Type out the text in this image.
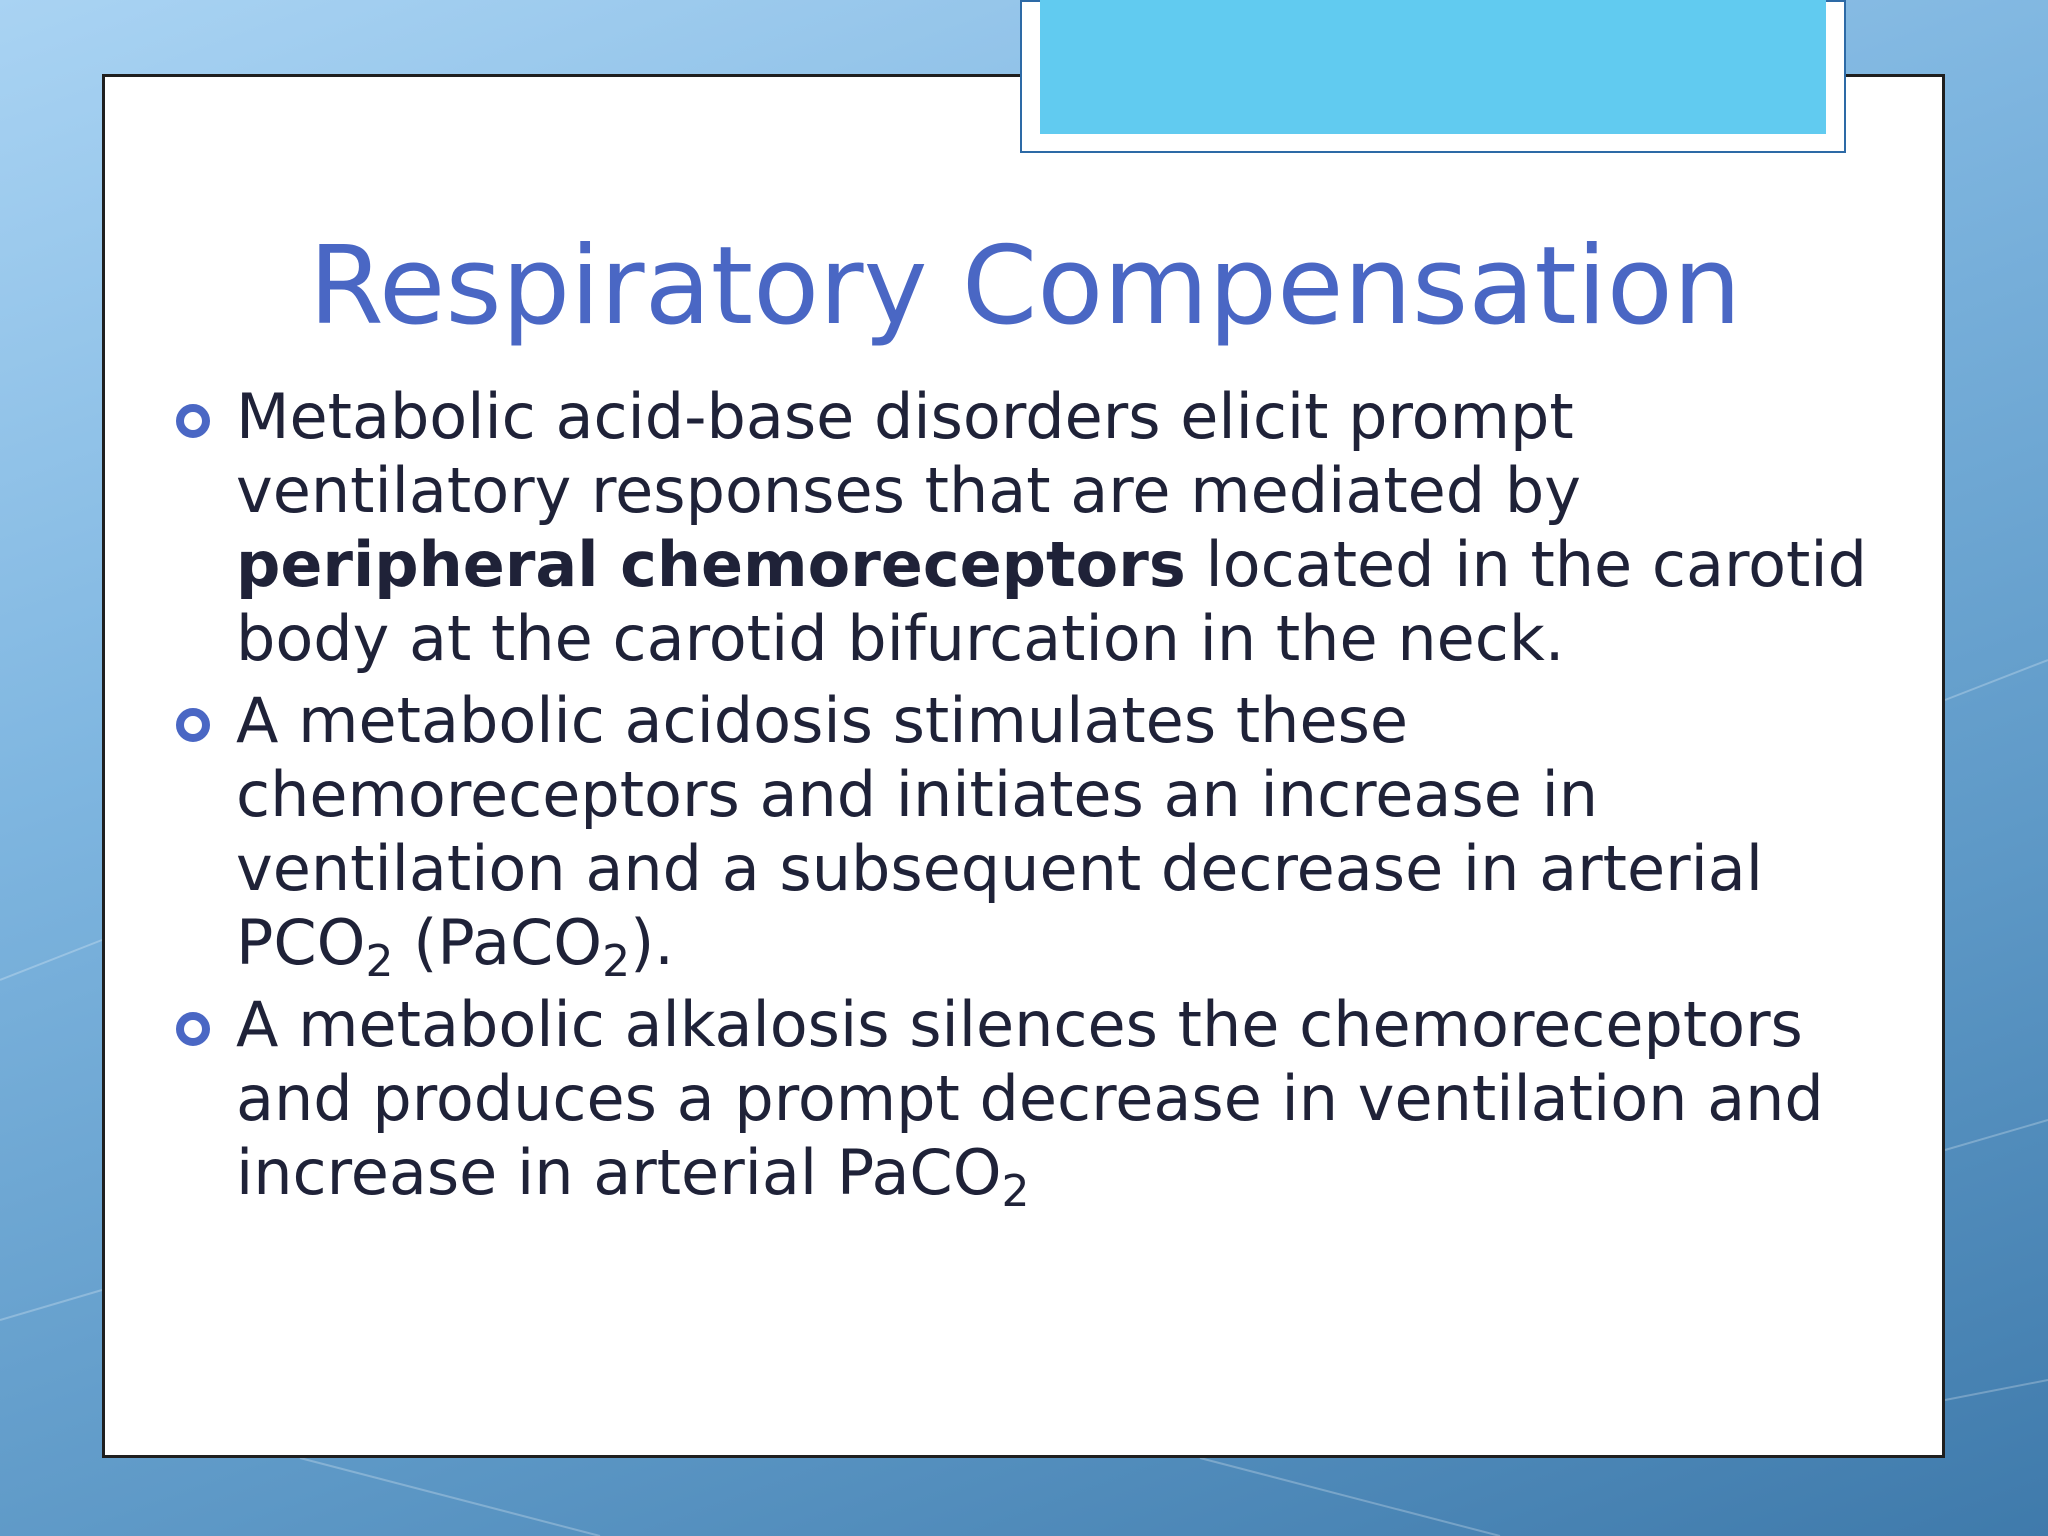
Respiratory Compensation
Metabolic acid-base disorders elicit prompt ventilatory responses that are mediated by peripheral chemoreceptors located in the carotid body at the carotid bifurcation in the neck.
A metabolic acidosis stimulates these chemoreceptors and initiates an increase in ventilation and a subsequent decrease in arterial $PCO_2$ (PaCO$_2$).
A metabolic alkalosis silences the chemoreceptors and produces a prompt decrease in ventilation and increase in arterial PaCO$_2$
